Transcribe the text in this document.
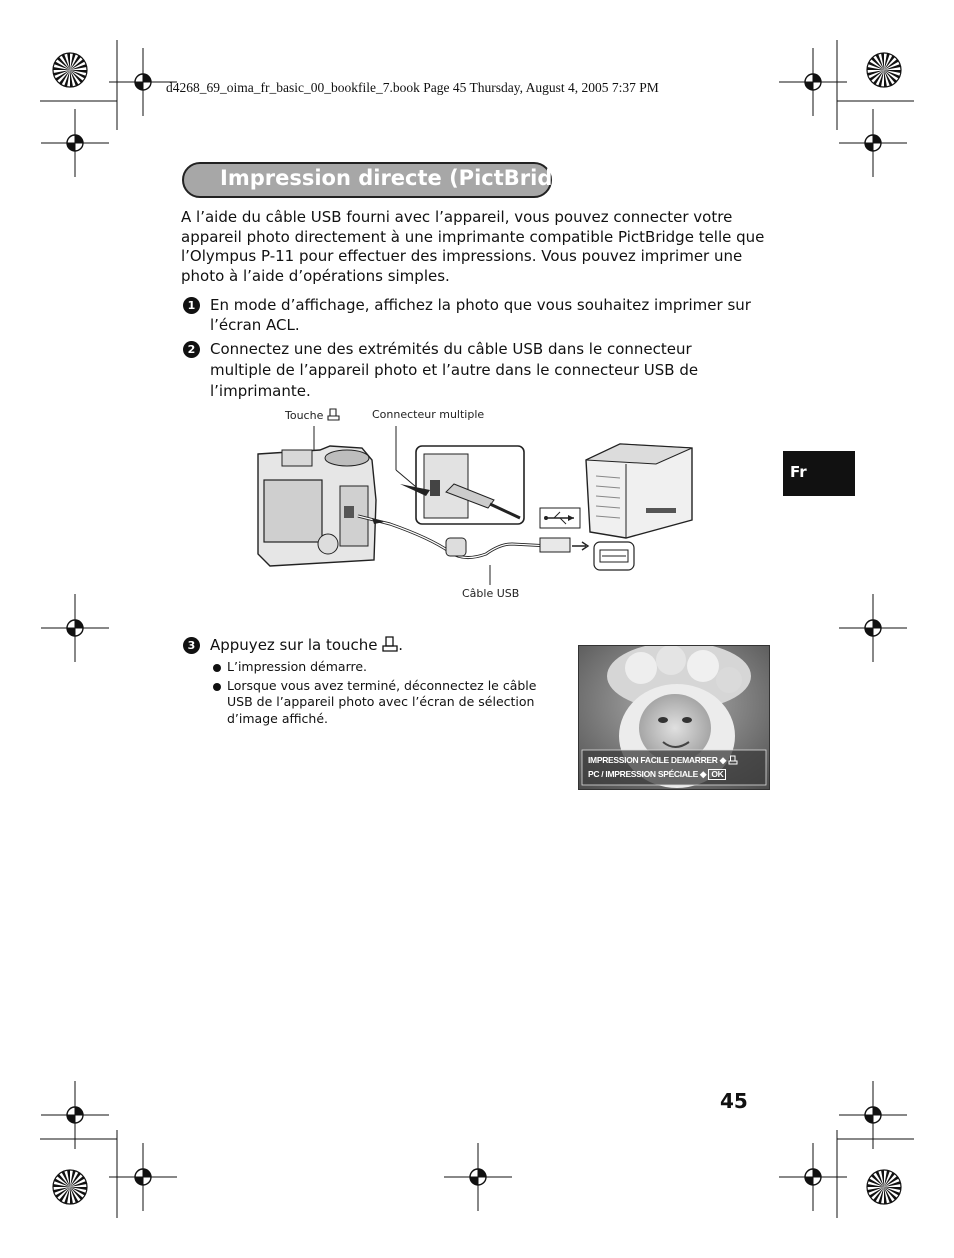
d4268_69_oima_fr_basic_00_bookfile_7.book Page 45 Thursday, August 4, 2005 7:37 PM
Impression directe (PictBridge)
A l’aide du câble USB fourni avec l’appareil, vous pouvez connecter votre appareil photo directement à une imprimante compatible PictBridge telle que l’Olympus P-11 pour effectuer des impressions. Vous pouvez imprimer une photo à l’aide d’opérations simples.
1 En mode d’affichage, affichez la photo que vous souhaitez imprimer sur l’écran ACL.
2 Connectez une des extrémités du câble USB dans le connecteur multiple de l’appareil photo et l’autre dans le connecteur USB de l’imprimante.
Fr
Touche	Connecteur multiple
Câble USB
3 Appuyez sur la touche .
L’impression démarre.
Lorsque vous avez terminé, déconnectez le câble USB de l’appareil photo avec l’écran de sélection d’image affiché.
IMPRESSION FACILE DEMARRER ◆
PC / IMPRESSION SPÉCIALE ◆ OK
45
